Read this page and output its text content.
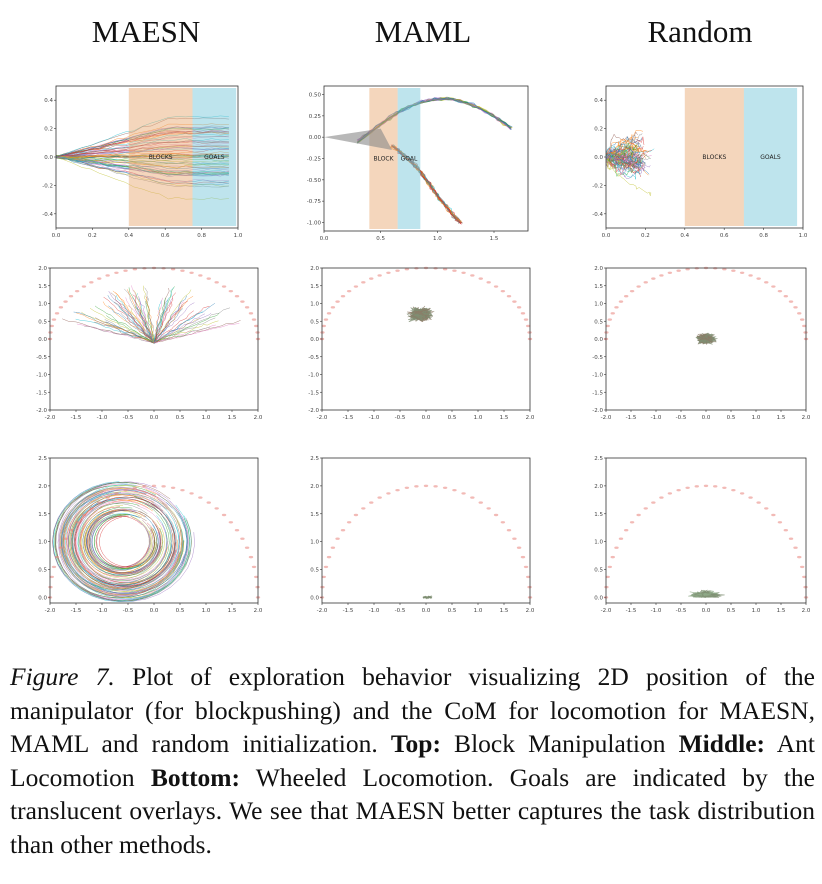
MAESN	MAML	Random
0.0	0.2	0.4	0.6	0.8	1.0
0.4
0.2
0.0
-0.2
-0.4
BLOCKS	GOALS
0.0	0.5	1.0	1.5
0.50
0.25
0.00
-0.25
-0.50
-0.75
-1.00
BLOCK GOAL
0.0	0.2	0.4	0.6	0.8	1.0
0.4
0.2
0.0
-0.2
-0.4
BLOCKS	GOALS
-2.0	-1.5	-1.0	-0.5	0.0	0.5	1.0	1.5	2.0
2.0
1.5
1.0
0.5
0.0
-0.5
-1.0
-1.5
-2.0
-2.0	-1.5	-1.0	-0.5	0.0	0.5	1.0	1.5	2.0
2.0
1.5
1.0
0.5
0.0
-0.5
-1.0
-1.5
-2.0
-2.0	-1.5	-1.0	-0.5	0.0	0.5	1.0	1.5	2.0
2.0
1.5
1.0
0.5
0.0
-0.5
-1.0
-1.5
-2.0
-2.0	-1.5	-1.0	-0.5	0.0	0.5	1.0	1.5	2.0
2.5
2.0
1.5
1.0
0.5
0.0
-2.0	-1.5	-1.0	-0.5	0.0	0.5	1.0	1.5	2.0
2.5
2.0
1.5
1.0
0.5
0.0
-2.0	-1.5	-1.0	-0.5	0.0	0.5	1.0	1.5	2.0
2.5
2.0
1.5
1.0
0.5
0.0
Figure 7. Plot of exploration behavior visualizing 2D position of the manipulator (for blockpushing) and the CoM for locomotion for MAESN, MAML and random initialization. Top: Block Manipulation Middle: Ant Locomotion Bottom: Wheeled Locomotion. Goals are indicated by the translucent overlays. We see that MAESN better captures the task distribution than other methods.
